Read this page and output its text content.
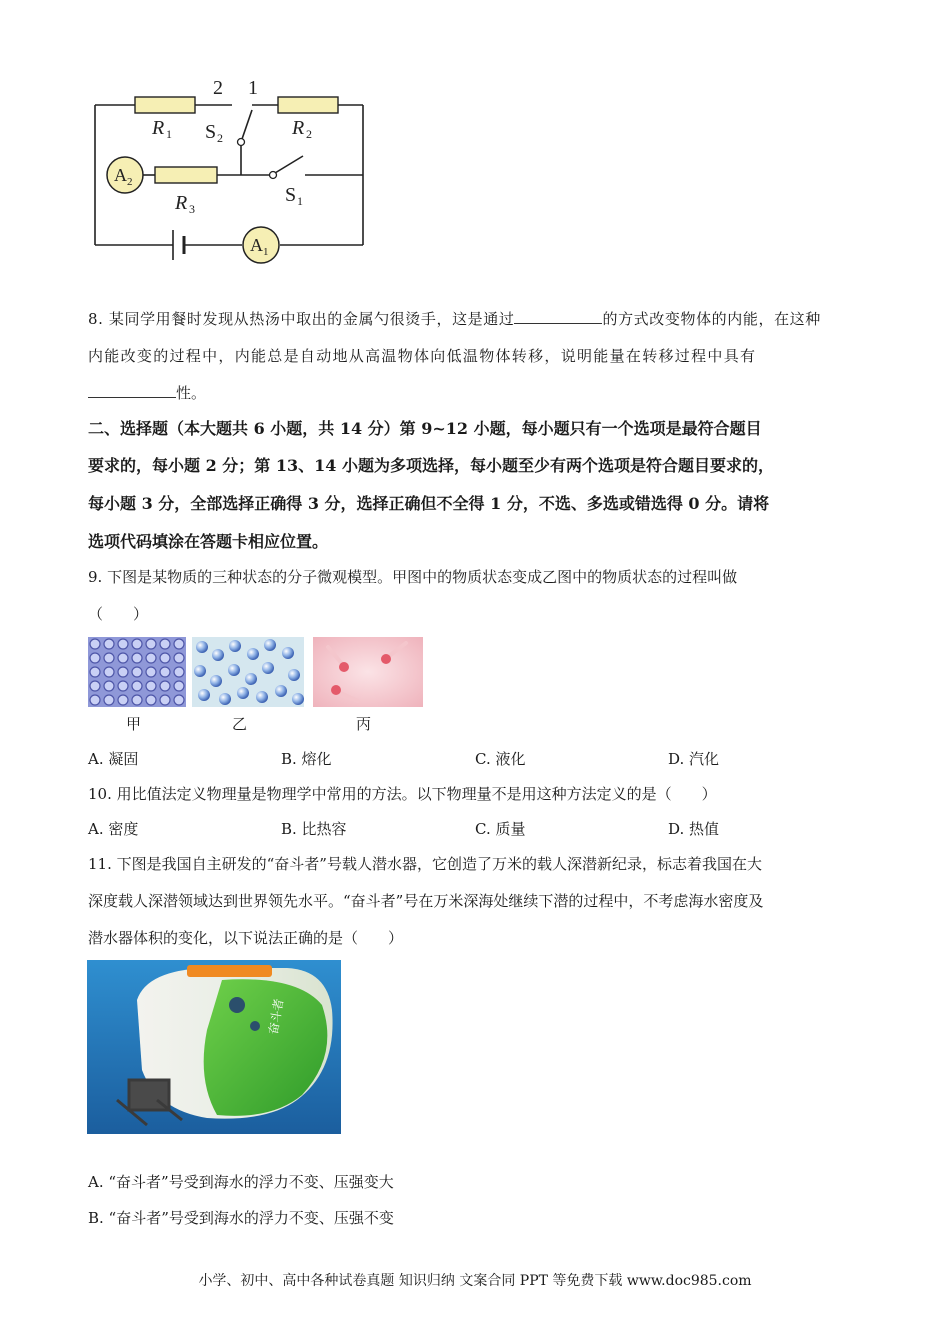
2 1
R 1	R 2
R 3
S 2
S 1
A 2
A 1
8. 某同学用餐时发现从热汤中取出的金属勺很烫手，这是通过	的方式改变物体的内能，在这种
内能改变的过程中，内能总是自动地从高温物体向低温物体转移，说明能量在转移过程中具有
性。
二、选择题（本大题共 6 小题，共 14 分）第 9~12 小题，每小题只有一个选项是最符合题目
要求的，每小题 2 分；第 13、14 小题为多项选择，每小题至少有两个选项是符合题目要求的，
每小题 3 分，全部选择正确得 3 分，选择正确但不全得 1 分，不选、多选或错选得 0 分。请将
选项代码填涂在答题卡相应位置。
9. 下图是某物质的三种状态的分子微观模型。甲图中的物质状态变成乙图中的物质状态的过程叫做
（　　）
甲	乙	丙
A. 凝固	B. 熔化	C. 液化	D. 汽化
10. 用比值法定义物理量是物理学中常用的方法。以下物理量不是用这种方法定义的是（　　）
A. 密度	B. 比热容	C. 质量	D. 热值
11. 下图是我国自主研发的“奋斗者”号载人潜水器，它创造了万米的载人深潜新纪录，标志着我国在大
深度载人深潜领域达到世界领先水平。“奋斗者”号在万米深海处继续下潜的过程中，不考虑海水密度及
潜水器体积的变化，以下说法正确的是（　　）
奋斗者
A. “奋斗者”号受到海水的浮力不变、压强变大
B. “奋斗者”号受到海水的浮力不变、压强不变
小学、初中、高中各种试卷真题 知识归纳 文案合同 PPT 等免费下载 www.doc985.com
